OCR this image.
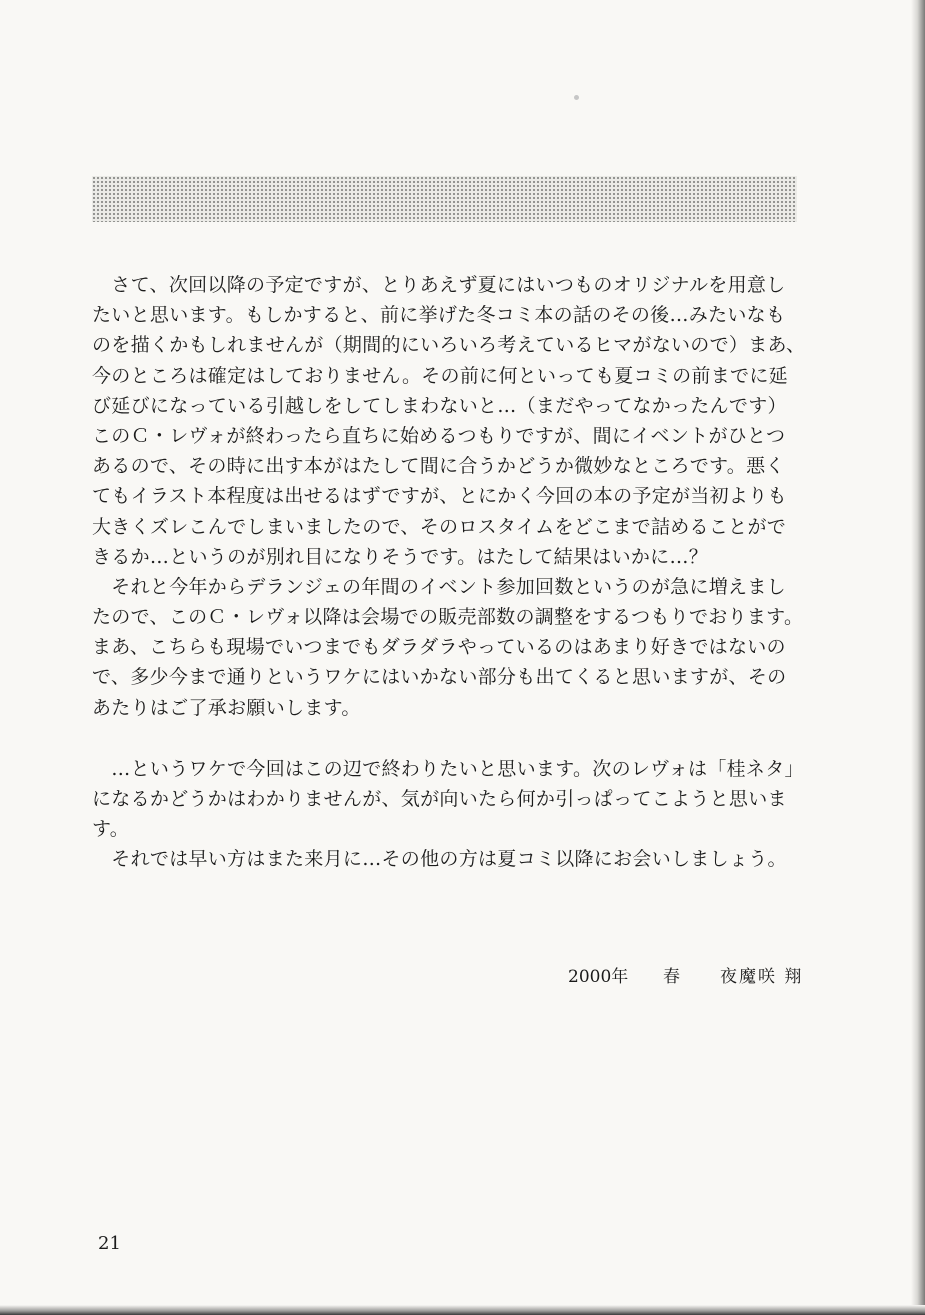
　さて、次回以降の予定ですが、とりあえず夏にはいつものオリジナルを用意し
たいと思います。もしかすると、前に挙げた冬コミ本の話のその後…みたいなも
のを描くかもしれませんが（期間的にいろいろ考えているヒマがないので）まあ、
今のところは確定はしておりません。その前に何といっても夏コミの前までに延
び延びになっている引越しをしてしまわないと…（まだやってなかったんです）
このＣ・レヴォが終わったら直ちに始めるつもりですが、間にイベントがひとつ
あるので、その時に出す本がはたして間に合うかどうか微妙なところです。悪く
てもイラスト本程度は出せるはずですが、とにかく今回の本の予定が当初よりも
大きくズレこんでしまいましたので、そのロスタイムをどこまで詰めることがで
きるか…というのが別れ目になりそうです。はたして結果はいかに…？
　それと今年からデランジェの年間のイベント参加回数というのが急に増えまし
たので、このＣ・レヴォ以降は会場での販売部数の調整をするつもりでおります。
まあ、こちらも現場でいつまでもダラダラやっているのはあまり好きではないの
で、多少今まで通りというワケにはいかない部分も出てくると思いますが、その
あたりはご了承お願いします。
　…というワケで今回はこの辺で終わりたいと思います。次のレヴォは「桂ネタ」
になるかどうかはわかりませんが、気が向いたら何か引っぱってこようと思いま
す。
　それでは早い方はまた来月に…その他の方は夏コミ以降にお会いしましょう。
2000年 春 夜魔咲 翔
21
